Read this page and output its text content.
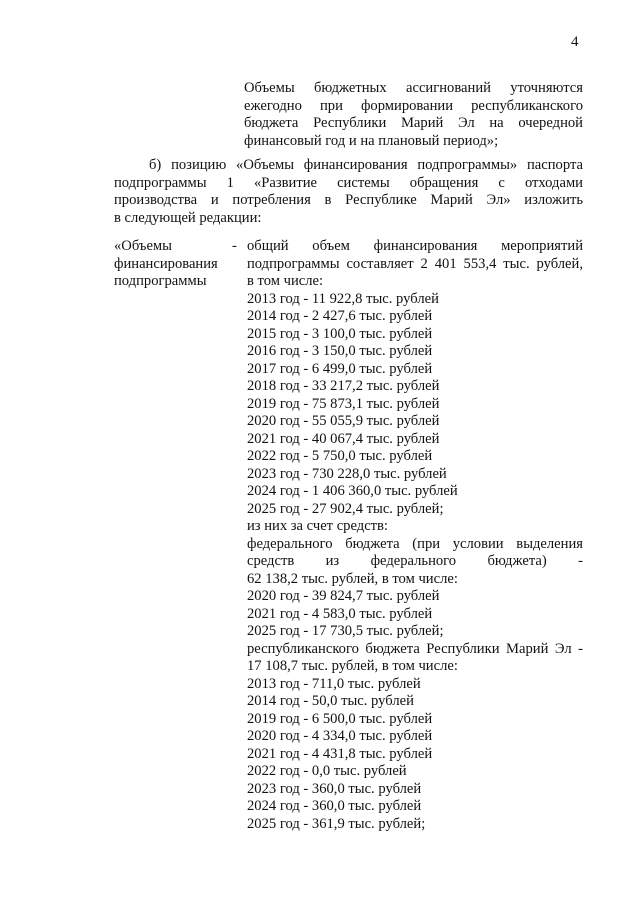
4
Объемы бюджетных ассигнований уточняются
ежегодно при формировании республиканского
бюджета Республики Марий Эл на очередной
финансовый год и на плановый период»;
б) позицию «Объемы финансирования подпрограммы» паспорта
подпрограммы 1 «Развитие системы обращения с отходами
производства и потребления в Республике Марий Эл» изложить
в следующей редакции:
«Объемы
финансирования
подпрограммы
- общий объем финансирования мероприятий
подпрограммы составляет 2 401 553,4 тыс. рублей,
в том числе:
2013 год - 11 922,8 тыс. рублей
2014 год - 2 427,6 тыс. рублей
2015 год - 3 100,0 тыс. рублей
2016 год - 3 150,0 тыс. рублей
2017 год - 6 499,0 тыс. рублей
2018 год - 33 217,2 тыс. рублей
2019 год - 75 873,1 тыс. рублей
2020 год - 55 055,9 тыс. рублей
2021 год - 40 067,4 тыс. рублей
2022 год - 5 750,0 тыс. рублей
2023 год - 730 228,0 тыс. рублей
2024 год - 1 406 360,0 тыс. рублей
2025 год - 27 902,4 тыс. рублей;
из них за счет средств:
федерального бюджета (при условии выделения
средств из федерального бюджета) -
62 138,2 тыс. рублей, в том числе:
2020 год - 39 824,7 тыс. рублей
2021 год - 4 583,0 тыс. рублей
2025 год - 17 730,5 тыс. рублей;
республиканского бюджета Республики Марий Эл -
17 108,7 тыс. рублей, в том числе:
2013 год - 711,0 тыс. рублей
2014 год - 50,0 тыс. рублей
2019 год - 6 500,0 тыс. рублей
2020 год - 4 334,0 тыс. рублей
2021 год - 4 431,8 тыс. рублей
2022 год - 0,0 тыс. рублей
2023 год - 360,0 тыс. рублей
2024 год - 360,0 тыс. рублей
2025 год - 361,9 тыс. рублей;
